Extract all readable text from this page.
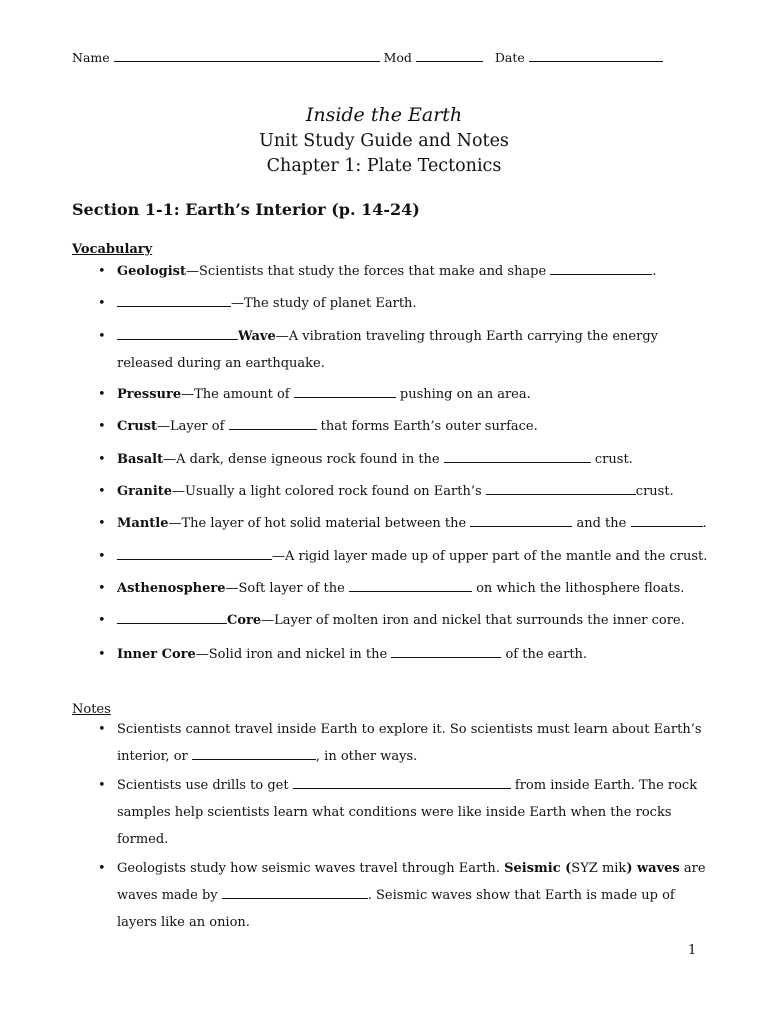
Name	Mod	Date
Inside the Earth
Unit Study Guide and Notes
Chapter 1: Plate Tectonics
Section 1-1: Earth’s Interior (p. 14-24)
Vocabulary
• Geologist—Scientists that study the forces that make and shape	.
• —The study of planet Earth.
• Wave—A vibration traveling through Earth carrying the energy released during an earthquake.
• Pressure—The amount of	pushing on an area.
• Crust—Layer of	that forms Earth’s outer surface.
• Basalt—A dark, dense igneous rock found in the	crust.
• Granite—Usually a light colored rock found on Earth’s	crust.
• Mantle—The layer of hot solid material between the	and the	.
• —A rigid layer made up of upper part of the mantle and the crust.
• Asthenosphere—Soft layer of the	on which the lithosphere floats.
• Core—Layer of molten iron and nickel that surrounds the inner core.
• Inner Core—Solid iron and nickel in the	of the earth.
Notes
• Scientists cannot travel inside Earth to explore it. So scientists must learn about Earth’s interior, or	, in other ways.
• Scientists use drills to get	from inside Earth. The rock samples help scientists learn what conditions were like inside Earth when the rocks formed.
• Geologists study how seismic waves travel through Earth. Seismic (SYZ mik) waves are waves made by	. Seismic waves show that Earth is made up of layers like an onion.
1
